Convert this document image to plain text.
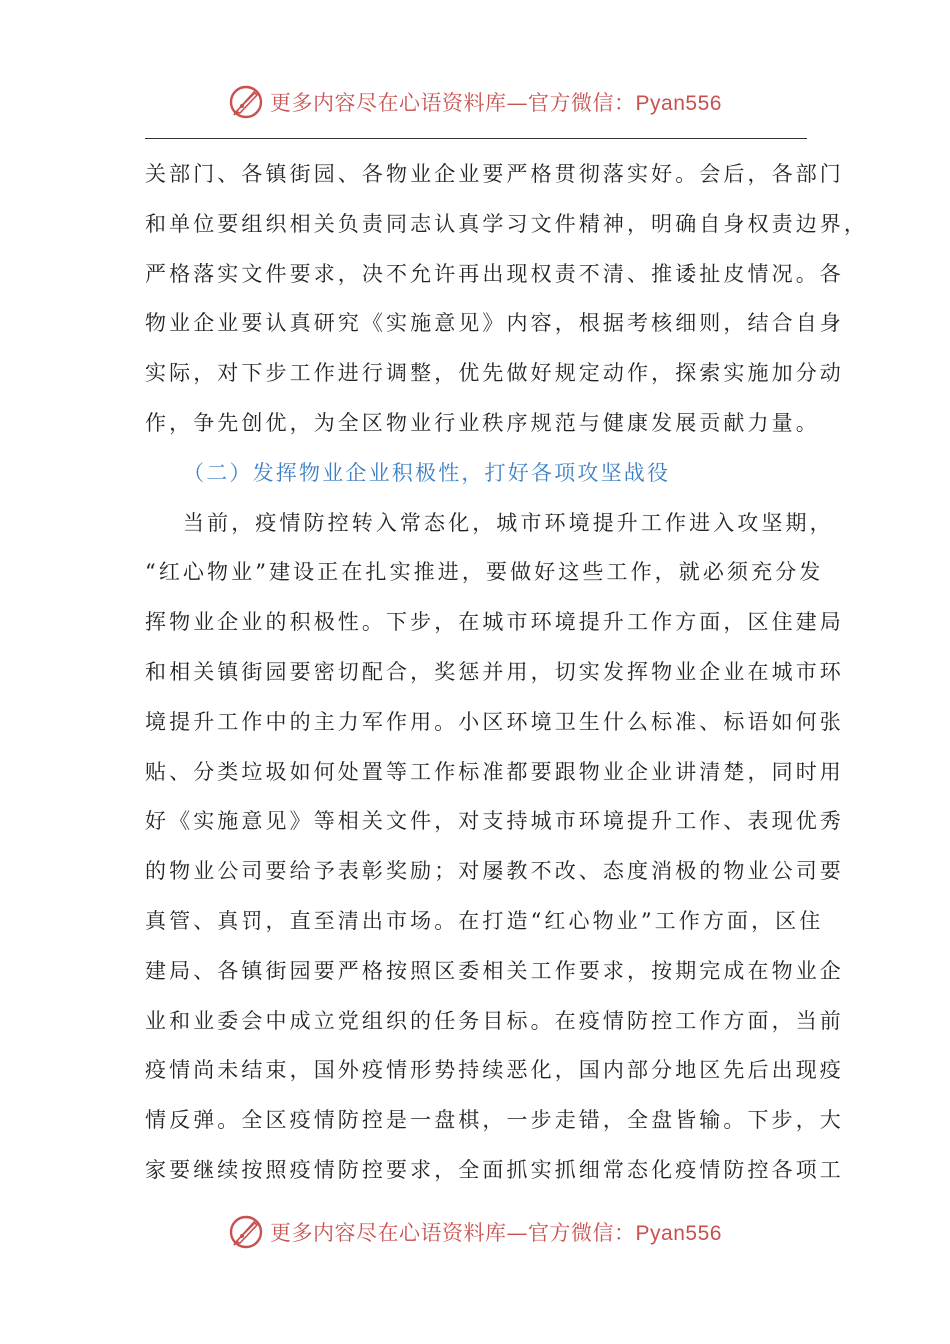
更多内容尽在心语资料库—官方微信：Pyan556
关部门、各镇街园、各物业企业要严格贯彻落实好。会后，各部门
和单位要组织相关负责同志认真学习文件精神，明确自身权责边界，
严格落实文件要求，决不允许再出现权责不清、推诿扯皮情况。各
物业企业要认真研究《实施意见》内容，根据考核细则，结合自身
实际，对下步工作进行调整，优先做好规定动作，探索实施加分动
作，争先创优，为全区物业行业秩序规范与健康发展贡献力量。
（二）发挥物业企业积极性，打好各项攻坚战役
当前，疫情防控转入常态化，城市环境提升工作进入攻坚期，
“红心物业”建设正在扎实推进，要做好这些工作，就必须充分发
挥物业企业的积极性。下步，在城市环境提升工作方面，区住建局
和相关镇街园要密切配合，奖惩并用，切实发挥物业企业在城市环
境提升工作中的主力军作用。小区环境卫生什么标准、标语如何张
贴、分类垃圾如何处置等工作标准都要跟物业企业讲清楚，同时用
好《实施意见》等相关文件，对支持城市环境提升工作、表现优秀
的物业公司要给予表彰奖励；对屡教不改、态度消极的物业公司要
真管、真罚，直至清出市场。在打造“红心物业”工作方面，区住
建局、各镇街园要严格按照区委相关工作要求，按期完成在物业企
业和业委会中成立党组织的任务目标。在疫情防控工作方面，当前
疫情尚未结束，国外疫情形势持续恶化，国内部分地区先后出现疫
情反弹。全区疫情防控是一盘棋，一步走错，全盘皆输。下步，大
家要继续按照疫情防控要求，全面抓实抓细常态化疫情防控各项工
更多内容尽在心语资料库—官方微信：Pyan556
